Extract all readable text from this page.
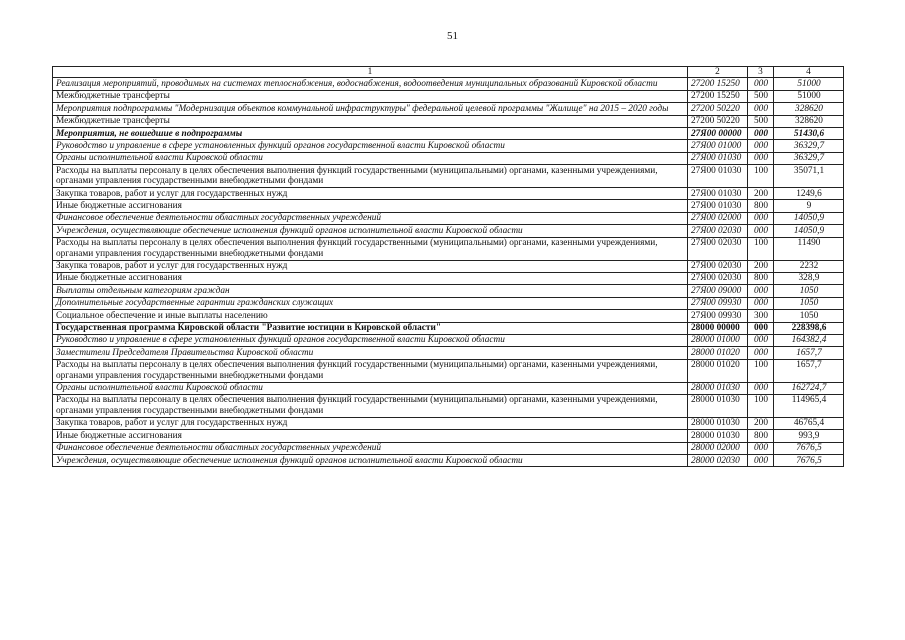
51
1	2	3	4
Реализация мероприятий, проводимых на системах теплоснабжения, водоснабжения, водоотведения муниципальных образований Кировской области	27200 15250	000	51000
Межбюджетные трансферты	27200 15250	500	51000
Мероприятия подпрограммы "Модернизация объектов коммунальной инфраструктуры" федеральной целевой программы "Жилище" на 2015 – 2020 годы	27200 50220	000	328620
Межбюджетные трансферты	27200 50220	500	328620
Мероприятия, не вошедшие в подпрограммы	27Я00 00000	000	51430,6
Руководство и управление в сфере установленных функций органов государственной власти Кировской области	27Я00 01000	000	36329,7
Органы исполнительной власти Кировской области	27Я00 01030	000	36329,7
Расходы на выплаты персоналу в целях обеспечения выполнения функций государственными (муниципальными) органами, казенными учреждениями, органами управления государственными внебюджетными фондами	27Я00 01030	100	35071,1
Закупка товаров, работ и услуг для государственных нужд	27Я00 01030	200	1249,6
Иные бюджетные ассигнования	27Я00 01030	800	9
Финансовое обеспечение деятельности областных государственных учреждений	27Я00 02000	000	14050,9
Учреждения, осуществляющие обеспечение исполнения функций органов исполнительной власти Кировской области	27Я00 02030	000	14050,9
Расходы на выплаты персоналу в целях обеспечения выполнения функций государственными (муниципальными) органами, казенными учреждениями, органами управления государственными внебюджетными фондами	27Я00 02030	100	11490
Закупка товаров, работ и услуг для государственных нужд	27Я00 02030	200	2232
Иные бюджетные ассигнования	27Я00 02030	800	328,9
Выплаты отдельным категориям граждан	27Я00 09000	000	1050
Дополнительные государственные гарантии гражданских служащих	27Я00 09930	000	1050
Социальное обеспечение и иные выплаты населению	27Я00 09930	300	1050
Государственная программа Кировской области "Развитие юстиции в Кировской области"	28000 00000	000	228398,6
Руководство и управление в сфере установленных функций органов государственной власти Кировской области	28000 01000	000	164382,4
Заместители Председателя Правительства Кировской области	28000 01020	000	1657,7
Расходы на выплаты персоналу в целях обеспечения выполнения функций государственными (муниципальными) органами, казенными учреждениями, органами управления государственными внебюджетными фондами	28000 01020	100	1657,7
Органы исполнительной власти Кировской области	28000 01030	000	162724,7
Расходы на выплаты персоналу в целях обеспечения выполнения функций государственными (муниципальными) органами, казенными учреждениями, органами управления государственными внебюджетными фондами	28000 01030	100	114965,4
Закупка товаров, работ и услуг для государственных нужд	28000 01030	200	46765,4
Иные бюджетные ассигнования	28000 01030	800	993,9
Финансовое обеспечение деятельности областных государственных учреждений	28000 02000	000	7676,5
Учреждения, осуществляющие обеспечение исполнения функций органов исполнительной власти Кировской области	28000 02030	000	7676,5
